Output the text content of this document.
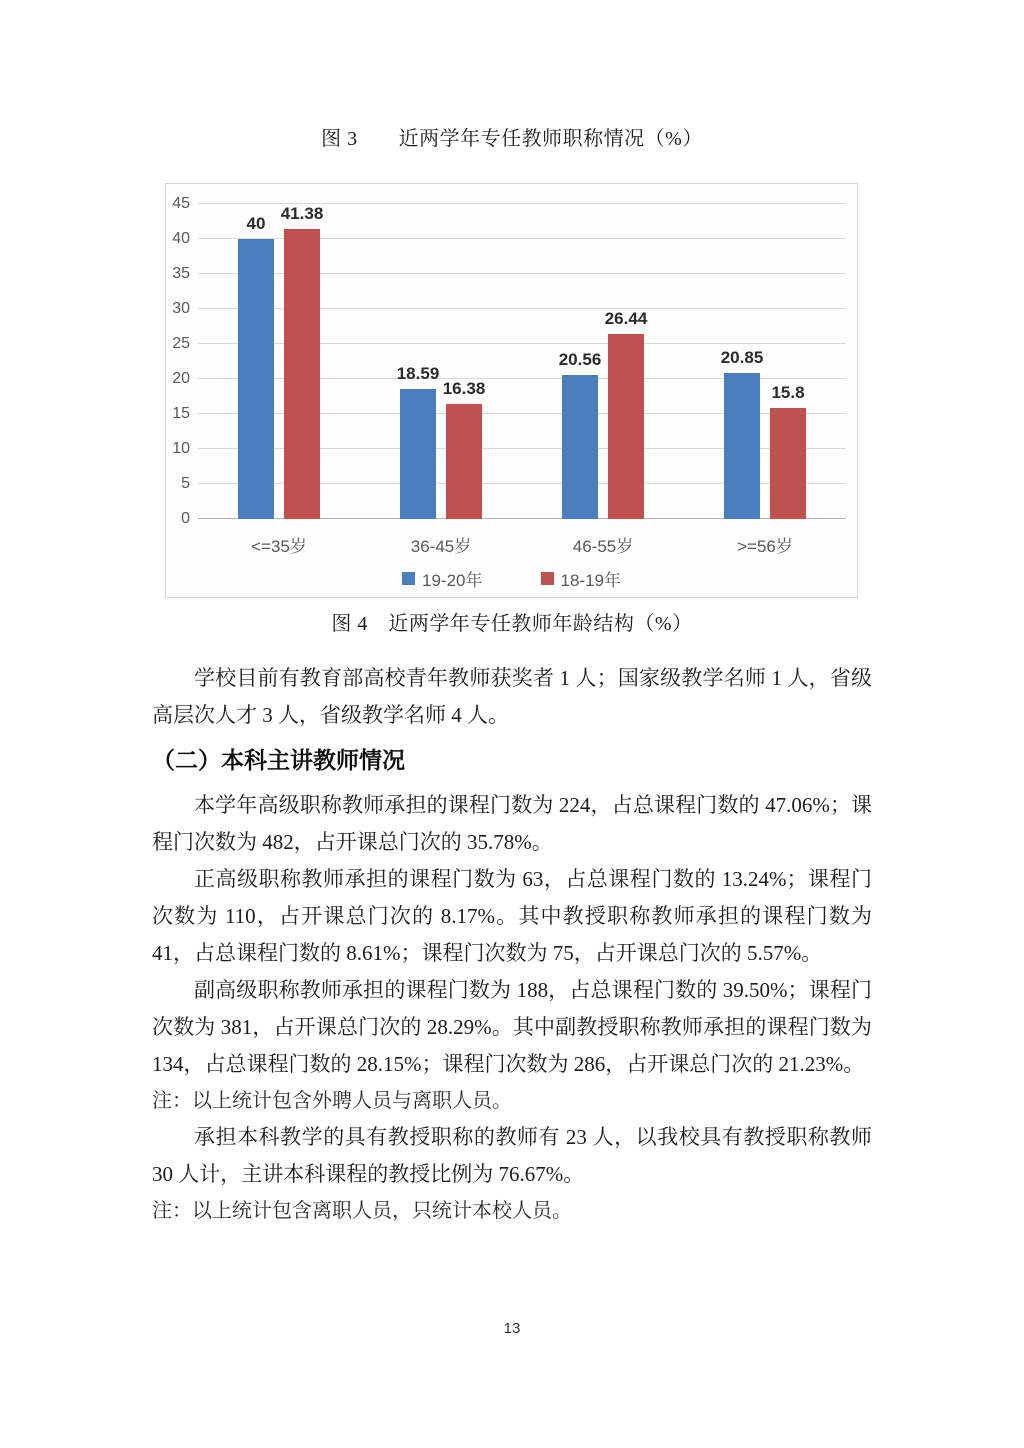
图 3　　近两学年专任教师职称情况（%）
0
5
10
15
20
25
30
35
40
45
40
41.38
18.59
16.38
20.56
26.44
20.85
15.8
<=35岁	36-45岁	46-55岁	>=56岁
19-20年	18-19年
图 4　近两学年专任教师年龄结构（%）

学校目前有教育部高校青年教师获奖者 1 人；国家级教学名师 1 人，省级高层次人才 3 人，省级教学名师 4 人。

（二）本科主讲教师情况

本学年高级职称教师承担的课程门数为 224，占总课程门数的 47.06%；课程门次数为 482，占开课总门次的 35.78%。

正高级职称教师承担的课程门数为 63，占总课程门数的 13.24%；课程门次数为 110，占开课总门次的 8.17%。其中教授职称教师承担的课程门数为 41，占总课程门数的 8.61%；课程门次数为 75，占开课总门次的 5.57%。

副高级职称教师承担的课程门数为 188，占总课程门数的 39.50%；课程门次数为 381，占开课总门次的 28.29%。其中副教授职称教师承担的课程门数为 134，占总课程门数的 28.15%；课程门次数为 286，占开课总门次的 21.23%。

注：以上统计包含外聘人员与离职人员。

承担本科教学的具有教授职称的教师有 23 人，以我校具有教授职称教师 30 人计，主讲本科课程的教授比例为 76.67%。

注：以上统计包含离职人员，只统计本校人员。

13
